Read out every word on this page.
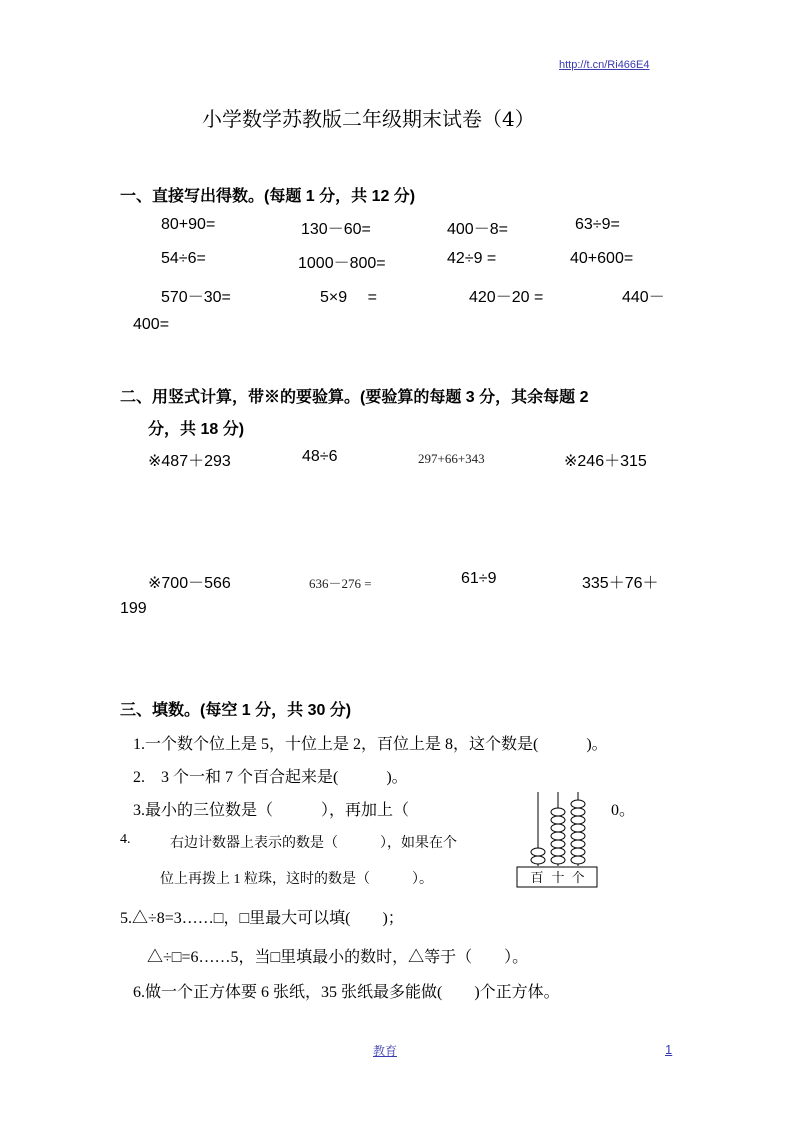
http://t.cn/Ri466E4
小学数学苏教版二年级期末试卷（4）
一、直接写出得数。(每题 1 分，共 12 分)
80+90=	130－60=	400－8=	63÷9=
54÷6=	1000－800=	42÷9 =	40+600=
570－30=	5×9　 =	420－20 =	440－
400=
二、用竖式计算，带※的要验算。(要验算的每题 3 分，其余每题 2
分，共 18 分)
※487＋293	48÷6	297+66+343	※246＋315
※700－566	636－276 =	61÷9	335＋76＋
199
三、填数。(每空 1 分，共 30 分)
1.一个数个位上是 5，十位上是 2，百位上是 8，这个数是(　　　)。
2.　3 个一和 7 个百合起来是(　　　)。
3.最小的三位数是（　　　），再加上（	0。
4.	右边计数器上表示的数是（　　　），如果在个
位上再拨上 1 粒珠，这时的数是（　　　）。	百 十 个
5.△÷8=3……□，□里最大可以填(　　)；
△÷□=6……5，当□里填最小的数时，△等于（　　）。
6.做一个正方体要 6 张纸，35 张纸最多能做(　　)个正方体。
教育	1
